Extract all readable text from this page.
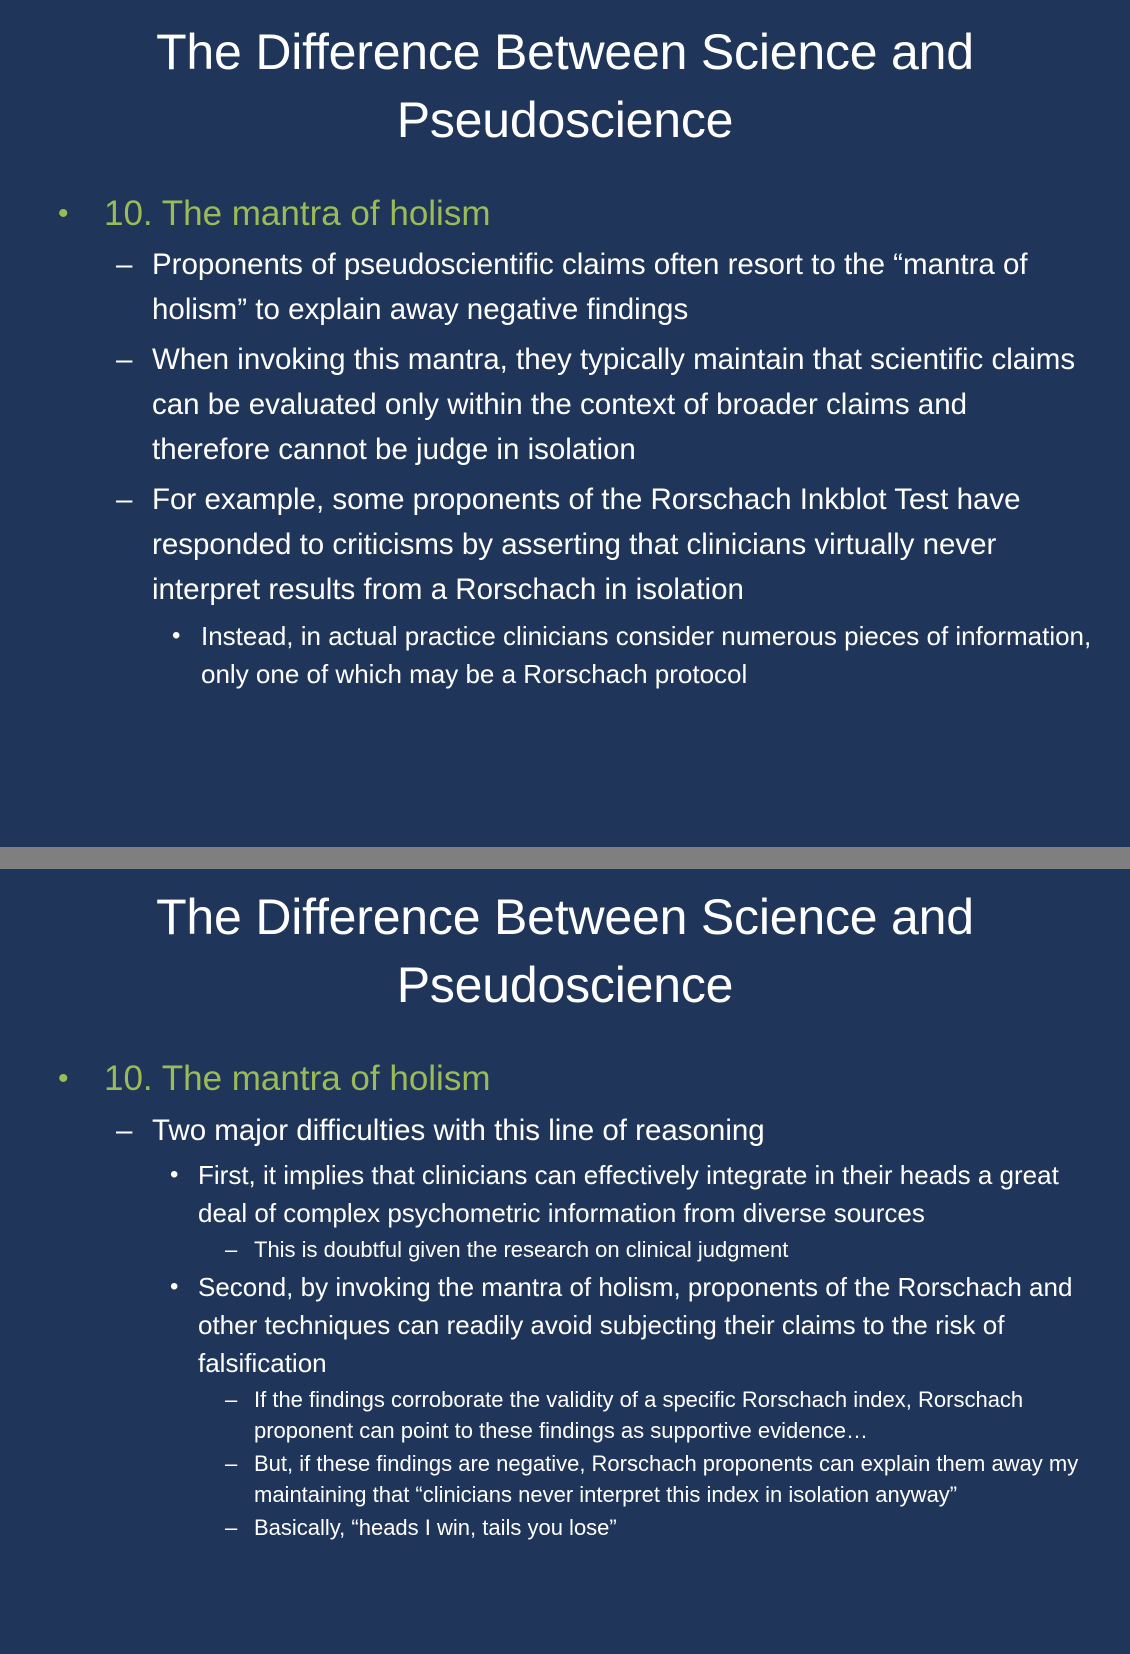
The Difference Between Science and
Pseudoscience
• 10. The mantra of holism
– Proponents of pseudoscientific claims often resort to the “mantra of holism” to explain away negative findings
– When invoking this mantra, they typically maintain that scientific claims can be evaluated only within the context of broader claims and therefore cannot be judge in isolation
– For example, some proponents of the Rorschach Inkblot Test have responded to criticisms by asserting that clinicians virtually never interpret results from a Rorschach in isolation
• Instead, in actual practice clinicians consider numerous pieces of information, only one of which may be a Rorschach protocol
The Difference Between Science and
Pseudoscience
• 10. The mantra of holism
– Two major difficulties with this line of reasoning
• First, it implies that clinicians can effectively integrate in their heads a great deal of complex psychometric information from diverse sources
– This is doubtful given the research on clinical judgment
• Second, by invoking the mantra of holism, proponents of the Rorschach and other techniques can readily avoid subjecting their claims to the risk of falsification
– If the findings corroborate the validity of a specific Rorschach index, Rorschach proponent can point to these findings as supportive evidence…
– But, if these findings are negative, Rorschach proponents can explain them away my maintaining that “clinicians never interpret this index in isolation anyway”
– Basically, “heads I win, tails you lose”
